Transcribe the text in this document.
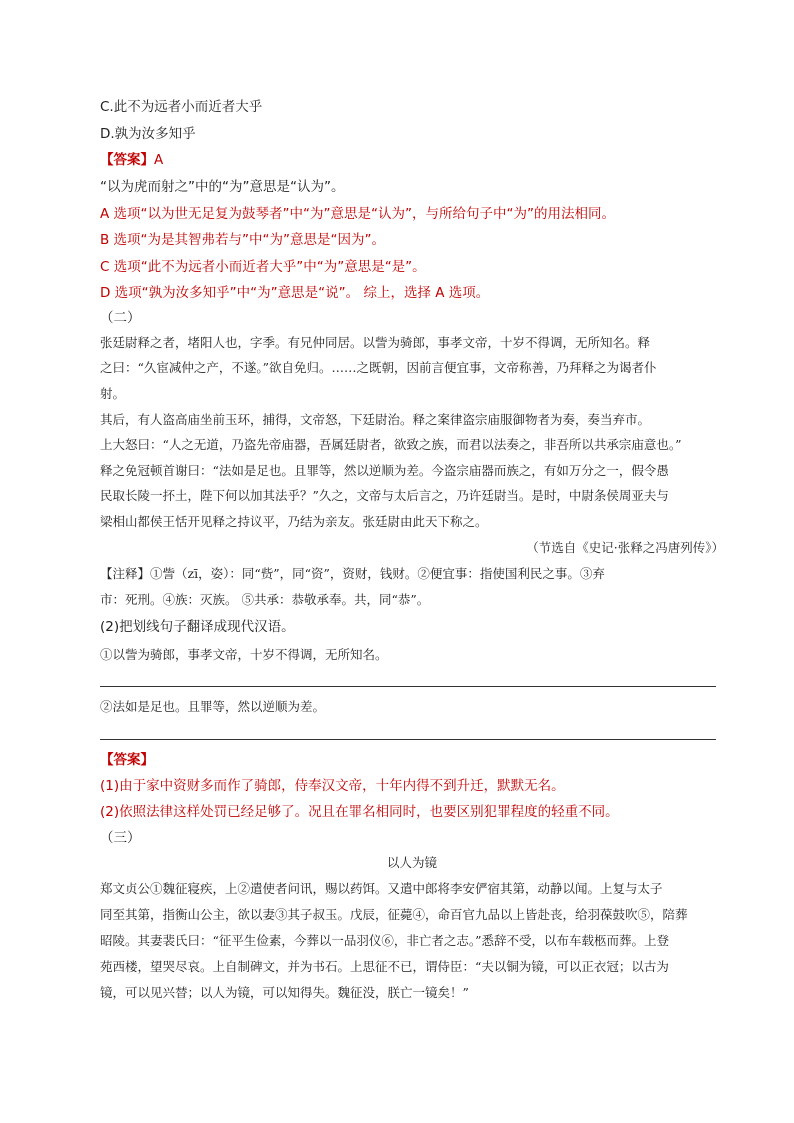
C.此不为远者小而近者大乎
D.孰为汝多知乎
【答案】A
“以为虎而射之”中的“为”意思是“认为”。
A 选项“以为世无足复为鼓琴者”中“为”意思是“认为”，与所给句子中“为”的用法相同。
B 选项“为是其智弗若与”中“为”意思是“因为”。
C 选项“此不为远者小而近者大乎”中“为”意思是“是”。
D 选项“孰为汝多知乎”中“为”意思是“说”。 综上，选择 A 选项。
（二）
张廷尉释之者，堵阳人也，字季。有兄仲同居。以訾为骑郎，事孝文帝，十岁不得调，无所知名。释
之曰：“久宦减仲之产，不遂。”欲自免归。……之既朝，因前言便宜事，文帝称善，乃拜释之为谒者仆
射。
其后，有人盗高庙坐前玉环，捕得，文帝怒，下廷尉治。释之案律盗宗庙服御物者为奏，奏当弃市。
上大怒曰：“人之无道，乃盗先帝庙器，吾属廷尉者，欲致之族，而君以法奏之，非吾所以共承宗庙意也。”
释之免冠顿首谢曰：“法如是足也。且罪等，然以逆顺为差。今盗宗庙器而族之，有如万分之一，假令愚
民取长陵一抔土，陛下何以加其法乎？”久之，文帝与太后言之，乃许廷尉当。是时，中尉条侯周亚夫与
梁相山都侯王恬开见释之持议平，乃结为亲友。张廷尉由此天下称之。
（节选自《史记·张释之冯唐列传》）
【注释】①訾（zī，姿）：同“赀”，同“资”，资财，钱财。②便宜事：指使国利民之事。③弃
市：死刑。④族：灭族。 ⑤共承：恭敬承奉。共，同“恭”。
(2)把划线句子翻译成现代汉语。
①以訾为骑郎，事孝文帝，十岁不得调，无所知名。
②法如是足也。且罪等，然以逆顺为差。
【答案】
(1)由于家中资财多而作了骑郎，侍奉汉文帝，十年内得不到升迁，默默无名。
(2)依照法律这样处罚已经足够了。况且在罪名相同时，也要区别犯罪程度的轻重不同。
（三）
以人为镜
郑文贞公①魏征寝疾，上②遣使者问讯，赐以药饵。又遣中郎将李安俨宿其第，动静以闻。上复与太子
同至其第，指衡山公主，欲以妻③其子叔玉。戊辰，征薨④，命百官九品以上皆赴丧，给羽葆鼓吹⑤，陪葬
昭陵。其妻裴氏曰：“征平生俭素，今葬以一品羽仪⑥，非亡者之志。”悉辞不受，以布车载柩而葬。上登
苑西楼，望哭尽哀。上自制碑文，并为书石。上思征不已，谓侍臣：“夫以铜为镜，可以正衣冠；以古为
镜，可以见兴替；以人为镜，可以知得失。魏征没，朕亡一镜矣！”
